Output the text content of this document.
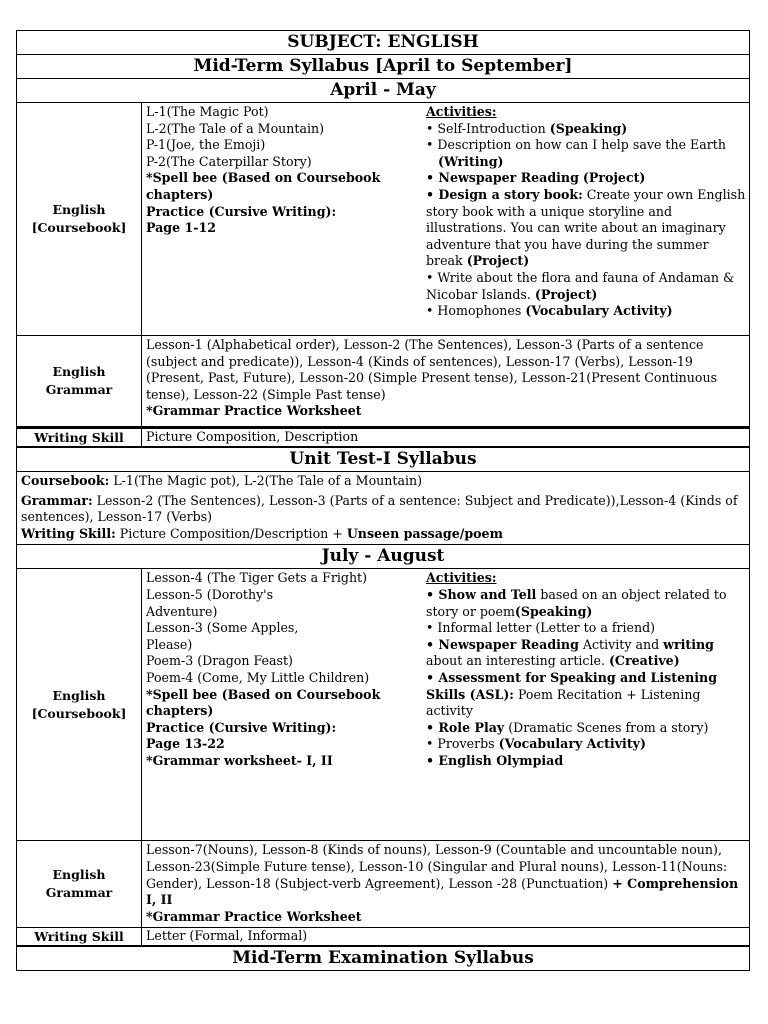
SUBJECT: ENGLISH
Mid-Term Syllabus [April to September]
April - May
English
[Coursebook]
L-1(The Magic Pot)
L-2(The Tale of a Mountain)
P-1(Joe, the Emoji)
P-2(The Caterpillar Story)
*Spell bee (Based on Coursebook chapters)
Practice (Cursive Writing):
Page 1-12
Activities:
• Self-Introduction (Speaking)
• Description on how can I help save the Earth
(Writing)
• Newspaper Reading (Project)
• Design a story book: Create your own English story book with a unique storyline and illustrations. You can write about an imaginary adventure that you have during the summer break (Project)
• Write about the flora and fauna of Andaman & Nicobar Islands. (Project)
• Homophones (Vocabulary Activity)
English
Grammar
Lesson-1 (Alphabetical order), Lesson-2 (The Sentences), Lesson-3 (Parts of a sentence (subject and predicate)), Lesson-4 (Kinds of sentences), Lesson-17 (Verbs), Lesson-19 (Present, Past, Future), Lesson-20 (Simple Present tense), Lesson-21(Present Continuous tense), Lesson-22 (Simple Past tense)
*Grammar Practice Worksheet
Writing Skill	Picture Composition, Description
Unit Test-I Syllabus
Coursebook: L-1(The Magic pot), L-2(The Tale of a Mountain)
Grammar: Lesson-2 (The Sentences), Lesson-3 (Parts of a sentence: Subject and Predicate)),Lesson-4 (Kinds of sentences), Lesson-17 (Verbs)
Writing Skill: Picture Composition/Description + Unseen passage/poem
July - August
English
[Coursebook]
Lesson-4 (The Tiger Gets a Fright)
Lesson-5 (Dorothy's
Adventure)
Lesson-3 (Some Apples,
Please)
Poem-3 (Dragon Feast)
Poem-4 (Come, My Little Children)
*Spell bee (Based on Coursebook chapters)
Practice (Cursive Writing):
Page 13-22
*Grammar worksheet- I, II
Activities:
• Show and Tell based on an object related to story or poem(Speaking)
• Informal letter (Letter to a friend)
• Newspaper Reading Activity and writing about an interesting article. (Creative)
• Assessment for Speaking and Listening Skills (ASL): Poem Recitation + Listening activity
• Role Play (Dramatic Scenes from a story)
• Proverbs (Vocabulary Activity)
• English Olympiad
English
Grammar
Lesson-7(Nouns), Lesson-8 (Kinds of nouns), Lesson-9 (Countable and uncountable noun), Lesson-23(Simple Future tense), Lesson-10 (Singular and Plural nouns), Lesson-11(Nouns: Gender), Lesson-18 (Subject-verb Agreement), Lesson -28 (Punctuation) + Comprehension I, II
*Grammar Practice Worksheet
Writing Skill	Letter (Formal, Informal)
Mid-Term Examination Syllabus
